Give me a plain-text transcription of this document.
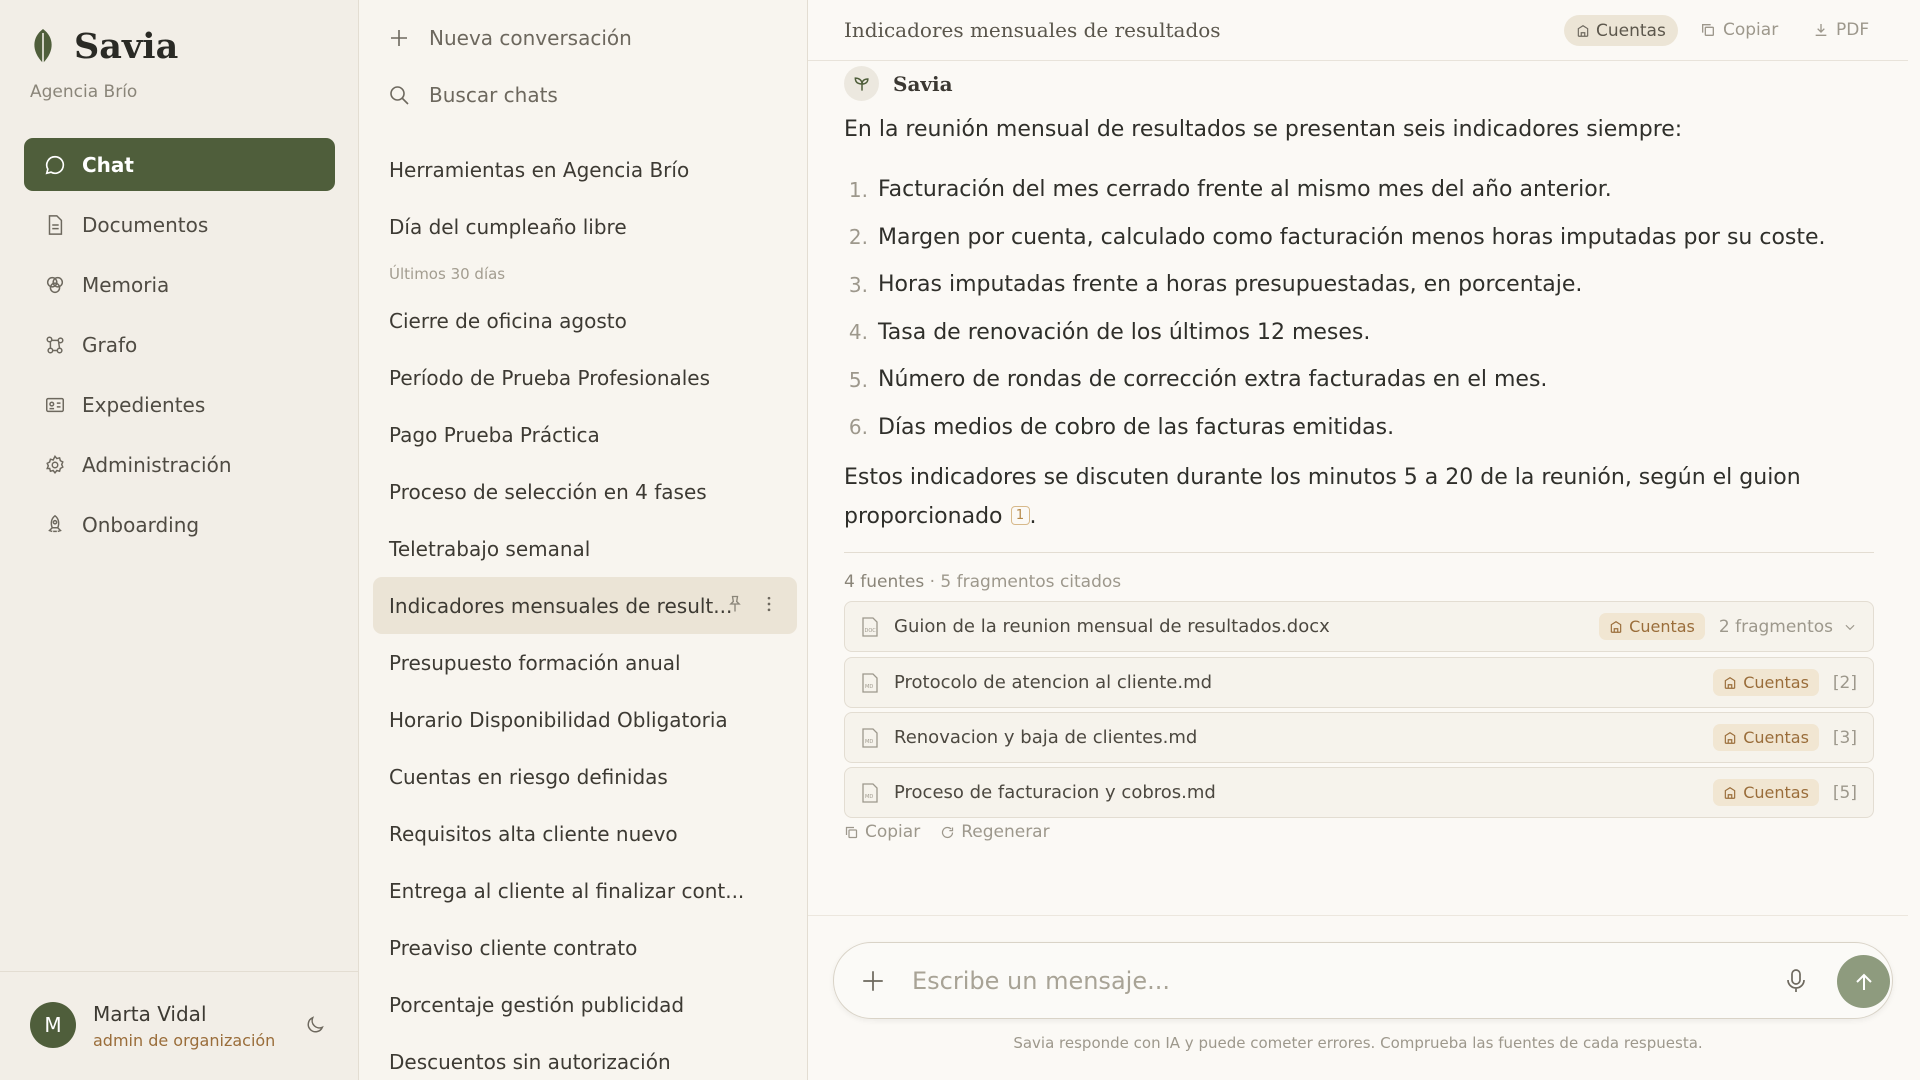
Savia
Agencia Brío
Chat
Documentos
Memoria
Grafo
Expedientes
Administración
Onboarding
M	Marta Vidal
admin de organización
Nueva conversación
Buscar chats
Herramientas en Agencia Brío
Día del cumpleaño libre
Últimos 30 días
Cierre de oficina agosto
Período de Prueba Profesionales
Pago Prueba Práctica
Proceso de selección en 4 fases
Teletrabajo semanal
Indicadores mensuales de result...
Presupuesto formación anual
Horario Disponibilidad Obligatoria
Cuentas en riesgo definidas
Requisitos alta cliente nuevo
Entrega al cliente al finalizar cont...
Preaviso cliente contrato
Porcentaje gestión publicidad
Descuentos sin autorización
Indicadores mensuales de resultados	Cuentas	Copiar	PDF
Savia
En la reunión mensual de resultados se presentan seis indicadores siempre:
1. Facturación del mes cerrado frente al mismo mes del año anterior.
2. Margen por cuenta, calculado como facturación menos horas imputadas por su coste.
3. Horas imputadas frente a horas presupuestadas, en porcentaje.
4. Tasa de renovación de los últimos 12 meses.
5. Número de rondas de corrección extra facturadas en el mes.
6. Días medios de cobro de las facturas emitidas.
Estos indicadores se discuten durante los minutos 5 a 20 de la reunión, según el guion
proporcionado 1 .
4 fuentes · 5 fragmentos citados
DOC Guion de la reunion mensual de resultados.docx	Cuentas 2 fragmentos
MD Protocolo de atencion al cliente.md	Cuentas [2]
MD Renovacion y baja de clientes.md	Cuentas [3]
MD Proceso de facturacion y cobros.md	Cuentas [5]
Copiar Regenerar
Escribe un mensaje...
Savia responde con IA y puede cometer errores. Comprueba las fuentes de cada respuesta.
